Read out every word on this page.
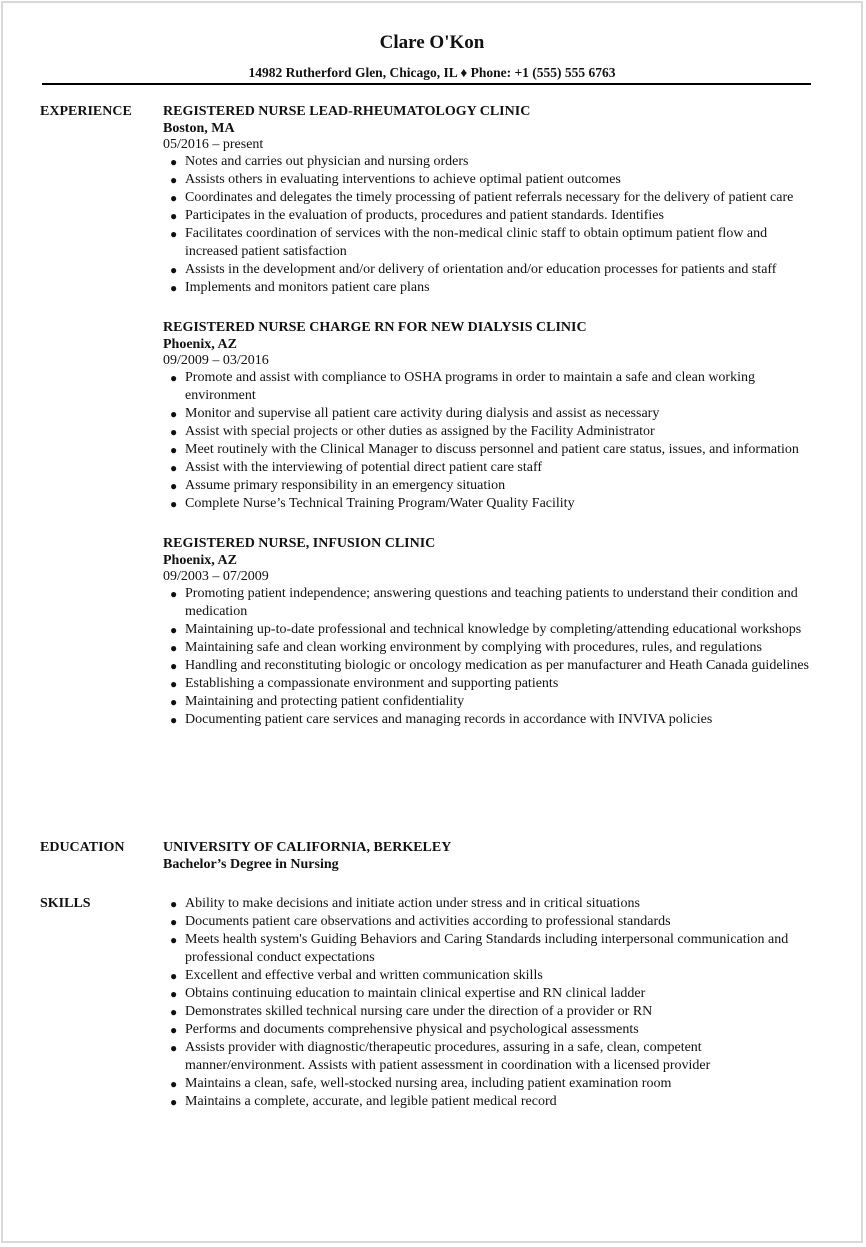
Clare O'Kon
14982 Rutherford Glen, Chicago, IL ♦ Phone: +1 (555) 555 6763
EXPERIENCE REGISTERED NURSE LEAD-RHEUMATOLOGY CLINIC
Boston, MA
05/2016 – present
● Notes and carries out physician and nursing orders
● Assists others in evaluating interventions to achieve optimal patient outcomes
● Coordinates and delegates the timely processing of patient referrals necessary for the delivery of patient care
● Participates in the evaluation of products, procedures and patient standards. Identifies
● Facilitates coordination of services with the non-medical clinic staff to obtain optimum patient flow and increased patient satisfaction
● Assists in the development and/or delivery of orientation and/or education processes for patients and staff
● Implements and monitors patient care plans
REGISTERED NURSE CHARGE RN FOR NEW DIALYSIS CLINIC
Phoenix, AZ
09/2009 – 03/2016
● Promote and assist with compliance to OSHA programs in order to maintain a safe and clean working environment
● Monitor and supervise all patient care activity during dialysis and assist as necessary
● Assist with special projects or other duties as assigned by the Facility Administrator
● Meet routinely with the Clinical Manager to discuss personnel and patient care status, issues, and information
● Assist with the interviewing of potential direct patient care staff
● Assume primary responsibility in an emergency situation
● Complete Nurse’s Technical Training Program/Water Quality Facility
REGISTERED NURSE, INFUSION CLINIC
Phoenix, AZ
09/2003 – 07/2009
● Promoting patient independence; answering questions and teaching patients to understand their condition and medication
● Maintaining up-to-date professional and technical knowledge by completing/attending educational workshops
● Maintaining safe and clean working environment by complying with procedures, rules, and regulations
● Handling and reconstituting biologic or oncology medication as per manufacturer and Heath Canada guidelines
● Establishing a compassionate environment and supporting patients
● Maintaining and protecting patient confidentiality
● Documenting patient care services and managing records in accordance with INVIVA policies
EDUCATION	UNIVERSITY OF CALIFORNIA, BERKELEY
Bachelor’s Degree in Nursing
SKILLS	● Ability to make decisions and initiate action under stress and in critical situations
● Documents patient care observations and activities according to professional standards
● Meets health system's Guiding Behaviors and Caring Standards including interpersonal communication and professional conduct expectations
● Excellent and effective verbal and written communication skills
● Obtains continuing education to maintain clinical expertise and RN clinical ladder
● Demonstrates skilled technical nursing care under the direction of a provider or RN
● Performs and documents comprehensive physical and psychological assessments
● Assists provider with diagnostic/therapeutic procedures, assuring in a safe, clean, competent manner/environment. Assists with patient assessment in coordination with a licensed provider
● Maintains a clean, safe, well-stocked nursing area, including patient examination room
● Maintains a complete, accurate, and legible patient medical record
